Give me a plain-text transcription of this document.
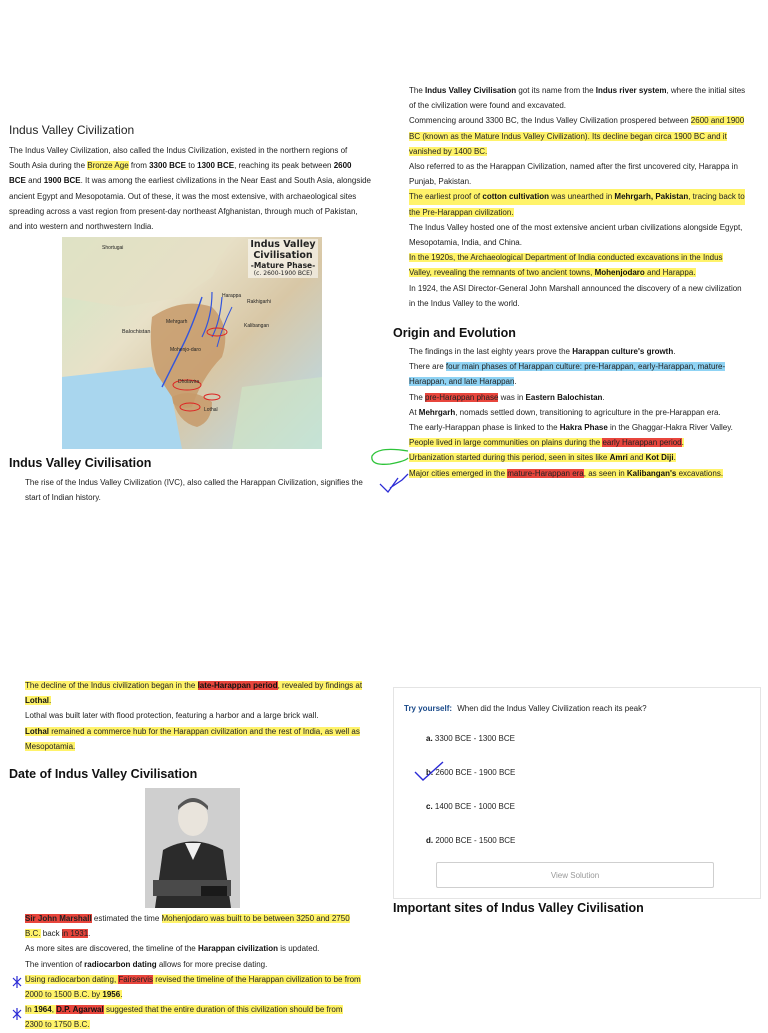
Indus Valley Civilization

The Indus Valley Civilization, also called the Indus Civilization, existed in the northern regions of

South Asia during the Bronze Age from 3300 BCE to 1300 BCE, reaching its peak between 2600

BCE and 1900 BCE. It was among the earliest civilizations in the Near East and South Asia, alongside

ancient Egypt and Mesopotamia. Out of these, it was the most extensive, with archaeological sites

spreading across a vast region from present-day northeast Afghanistan, through much of Pakistan,

and into western and northwestern India.

Indus Valley
Civilisation
-Mature Phase-
(c. 2600-1900 BCE)
Mehrgarh
Balochistan
Harappa
Mohenjo-daro
Kalibangan
Lothal
Dholavira
Rakhigarhi
Shortugai
Indus Valley Civilisation

The rise of the Indus Valley Civilization (IVC), also called the Harappan Civilization, signifies the

start of Indian history.

The Indus Valley Civilisation got its name from the Indus river system, where the initial sites

of the civilization were found and excavated.

Commencing around 3300 BC, the Indus Valley Civilization prospered between 2600 and 1900

BC (known as the Mature Indus Valley Civilization). Its decline began circa 1900 BC and it

vanished by 1400 BC.

Also referred to as the Harappan Civilization, named after the first uncovered city, Harappa in

Punjab, Pakistan.

The earliest proof of cotton cultivation was unearthed in Mehrgarh, Pakistan, tracing back to

the Pre-Harappan civilization.

The Indus Valley hosted one of the most extensive ancient urban civilizations alongside Egypt,

Mesopotamia, India, and China.

In the 1920s, the Archaeological Department of India conducted excavations in the Indus

Valley, revealing the remnants of two ancient towns, Mohenjodaro and Harappa.

In 1924, the ASI Director-General John Marshall announced the discovery of a new civilization

in the Indus Valley to the world.

Origin and Evolution

The findings in the last eighty years prove the Harappan culture's growth.

There are four main phases of Harappan culture: pre-Harappan, early-Harappan, mature-

Harappan, and late Harappan.

The pre-Harappan phase was in Eastern Balochistan.

At Mehrgarh, nomads settled down, transitioning to agriculture in the pre-Harappan era.

The early-Harappan phase is linked to the Hakra Phase in the Ghaggar-Hakra River Valley.

People lived in large communities on plains during the early Harappan period.

Urbanization started during this period, seen in sites like Amri and Kot Diji.

Major cities emerged in the mature-Harappan era, as seen in Kalibangan's excavations.

The decline of the Indus civilization began in the late-Harappan period, revealed by findings at

Lothal.

Lothal was built later with flood protection, featuring a harbor and a large brick wall.

Lothal remained a commerce hub for the Harappan civilization and the rest of India, as well as

Mesopotamia.

Date of Indus Valley Civilisation

Sir John Marshall estimated the time Mohenjodaro was built to be between 3250 and 2750

B.C. back in 1931.

As more sites are discovered, the timeline of the Harappan civilization is updated.

The invention of radiocarbon dating allows for more precise dating.

Using radiocarbon dating, Fairservis revised the timeline of the Harappan civilization to be from

2000 to 1500 B.C. by 1956.

In 1964, D.P. Agarwal suggested that the entire duration of this civilization should be from

2300 to 1750 B.C.

Try yourself: When did the Indus Valley Civilization reach its peak?
a. 3300 BCE - 1300 BCE
b. 2600 BCE - 1900 BCE
c. 1400 BCE - 1000 BCE
d. 2000 BCE - 1500 BCE
View Solution
Important sites of Indus Valley Civilisation
